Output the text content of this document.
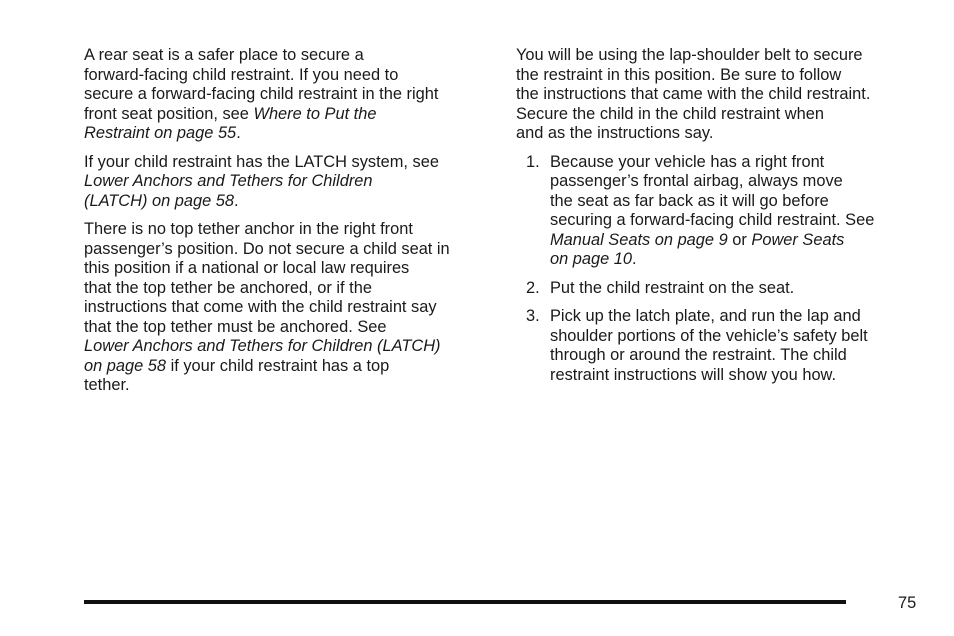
A rear seat is a safer place to secure a
forward-facing child restraint. If you need to
secure a forward-facing child restraint in the right
front seat position, see Where to Put the
Restraint on page 55.

If your child restraint has the LATCH system, see
Lower Anchors and Tethers for Children
(LATCH) on page 58.

There is no top tether anchor in the right front
passenger’s position. Do not secure a child seat in
this position if a national or local law requires
that the top tether be anchored, or if the
instructions that come with the child restraint say
that the top tether must be anchored. See
Lower Anchors and Tethers for Children (LATCH)
on page 58 if your child restraint has a top
tether.

You will be using the lap-shoulder belt to secure
the restraint in this position. Be sure to follow
the instructions that came with the child restraint.
Secure the child in the child restraint when
and as the instructions say.

1. Because your vehicle has a right front
passenger’s frontal airbag, always move
the seat as far back as it will go before
securing a forward-facing child restraint. See
Manual Seats on page 9 or Power Seats
on page 10.
2. Put the child restraint on the seat.
3. Pick up the latch plate, and run the lap and
shoulder portions of the vehicle’s safety belt
through or around the restraint. The child
restraint instructions will show you how.
75
